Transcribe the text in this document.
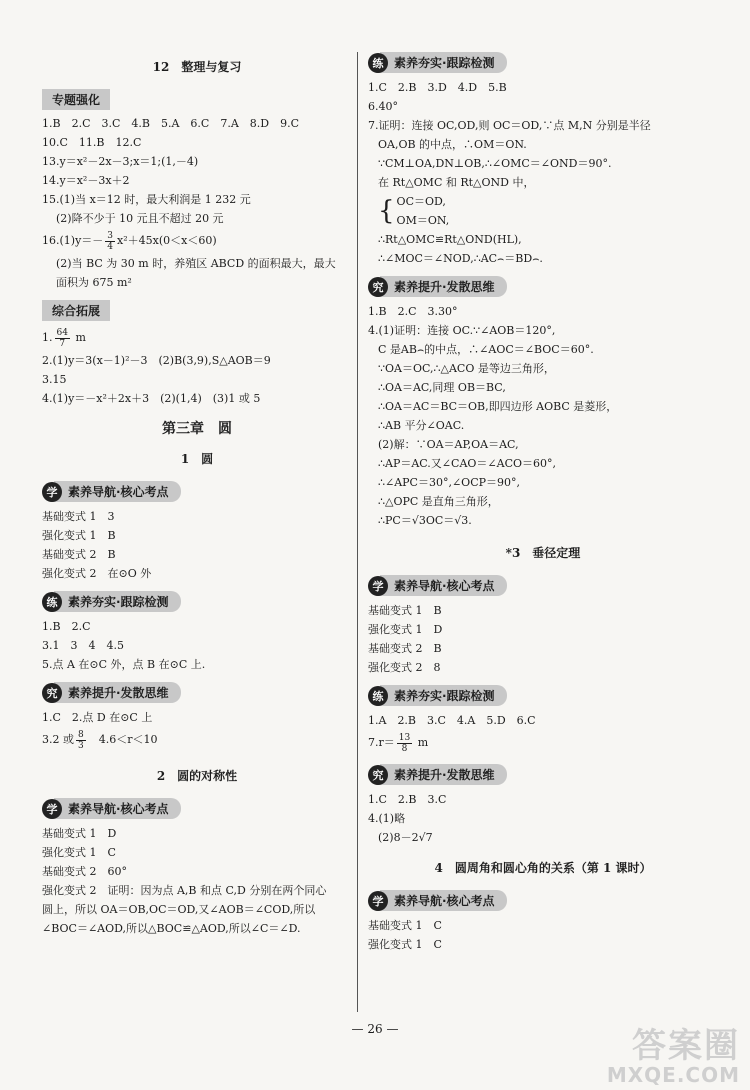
12　整理与复习
专题强化
1.B　2.C　3.C　4.B　5.A　6.C　7.A　8.D　9.C
10.C　11.B　12.C
13.y＝x²－2x－3;x＝1;(1,－4)
14.y＝x²－3x＋2
15.(1)当 x＝12 时，最大利润是 1 232 元
(2)降不少于 10 元且不超过 20 元
$16.(1)y=- \frac{3}{4} x^2+45x(0<x<60)$
(2)当 BC 为 30 m 时，养殖区 ABCD 的面积最大，最大
面积为 675 m²
综合拓展
1. $\frac{64}{7}$ m
2.(1)y＝3(x－1)²－3　(2)B(3,9),S△AOB＝9
3.15
4.(1)y＝－x²＋2x＋3　(2)(1,4)　(3)1 或 5
第三章　圆
1　圆
学 素养导航·核心考点
基础变式 1　3
强化变式 1　B
基础变式 2　B
强化变式 2　在⊙O 外
练 素养夯实·跟踪检测
1.B　2.C
3.1　3　4　4.5
5.点 A 在⊙C 外，点 B 在⊙C 上.
究 素养提升·发散思维
1.C　2.点 D 在⊙C 上
3.2 或 $\frac{8}{3}$ 　4.6＜r＜10
2　圆的对称性
学 素养导航·核心考点
基础变式 1　D
强化变式 1　C
基础变式 2　60°
强化变式 2　证明：因为点 A,B 和点 C,D 分别在两个同心
圆上，所以 OA＝OB,OC＝OD,又∠AOB＝∠COD,所以
∠BOC＝∠AOD,所以△BOC≌△AOD,所以∠C＝∠D.
练 素养夯实·跟踪检测
1.C　2.B　3.D　4.D　5.B
6.40°
7.证明：连接 OC,OD,则 OC＝OD,∵点 M,N 分别是半径
OA,OB 的中点，∴OM＝ON.
∵CM⊥OA,DN⊥OB,∴∠OMC＝∠OND＝90°.
在 Rt△OMC 和 Rt△OND 中，
{ OC＝OD,
OM＝ON,
∴Rt△OMC≌Rt△OND(HL),
∴∠MOC＝∠NOD,∴AC⌢＝BD⌢.
究 素养提升·发散思维
1.B　2.C　3.30°
4.(1)证明：连接 OC.∵∠AOB＝120°,
C 是AB⌢的中点，∴∠AOC＝∠BOC＝60°.
∵OA＝OC,∴△ACO 是等边三角形，
∴OA＝AC,同理 OB＝BC,
∴OA＝AC＝BC＝OB,即四边形 AOBC 是菱形，
∴AB 平分∠OAC.
(2)解：∵OA＝AP,OA＝AC,
∴AP＝AC.又∠CAO＝∠ACO＝60°,
∴∠APC＝30°,∠OCP＝90°,
∴△OPC 是直角三角形，
∴PC＝√3OC＝√3.
*3　垂径定理
学 素养导航·核心考点
基础变式 1　B
强化变式 1　D
基础变式 2　B
强化变式 2　8
练 素养夯实·跟踪检测
1.A　2.B　3.C　4.A　5.D　6.C
$7.r= \frac{13}{8}$ m
究 素养提升·发散思维
1.C　2.B　3.C
4.(1)略
(2)8－2√7
4　圆周角和圆心角的关系（第 1 课时）
学 素养导航·核心考点
基础变式 1　C
强化变式 1　C
— 26 —	答案圈
MXQE.COM
